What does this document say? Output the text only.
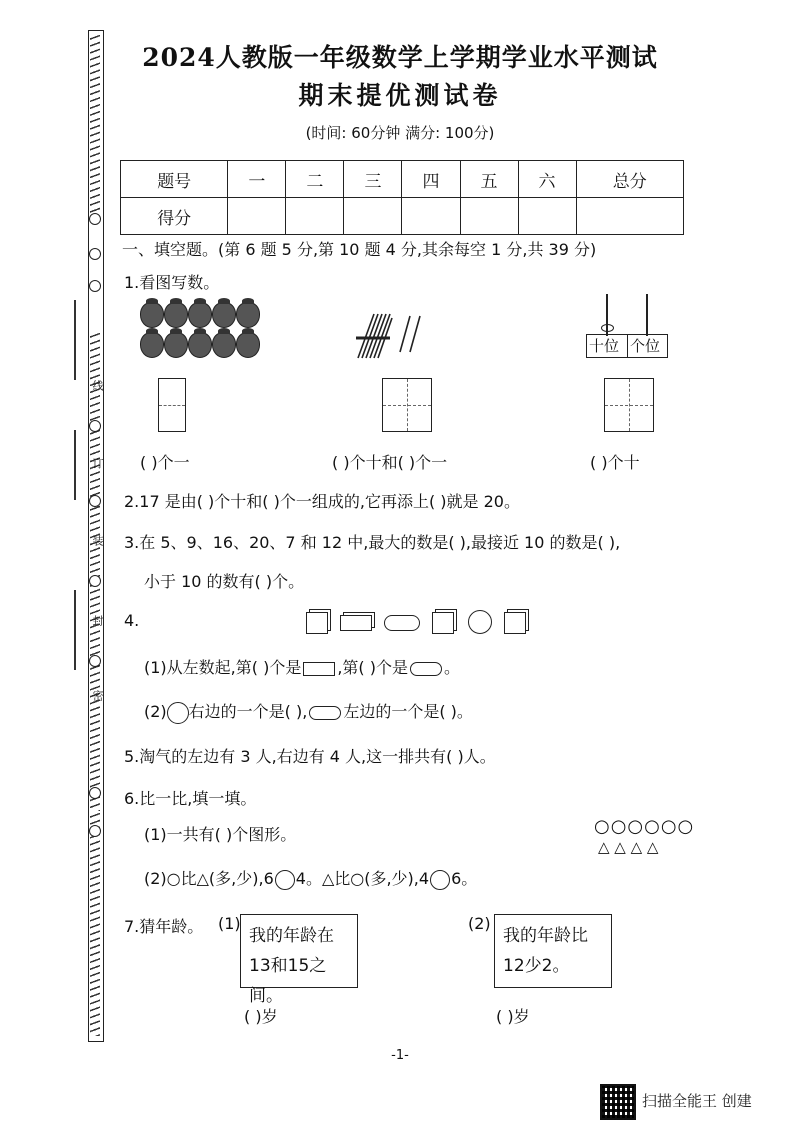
线
订
装
封
密
2024人教版一年级数学上学期学业水平测试
期末提优测试卷
(时间: 60分钟 满分: 100分)
题号	一	二	三	四	五	六	总分
得分							
一、填空题。(第 6 题 5 分,第 10 题 4 分,其余每空 1 分,共 39 分)
1.看图写数。
十位 个位
( )个一	( )个十和( )个一	( )个十
2.17 是由( )个十和( )个一组成的,它再添上( )就是 20。
3.在 5、9、16、20、7 和 12 中,最大的数是( ),最接近 10 的数是( ),
小于 10 的数有( )个。
4.
(1)从左数起,第( )个是 ,第( )个是 。
(2) 右边的一个是( ), 左边的一个是( )。
5.淘气的左边有 3 人,右边有 4 人,这一排共有( )人。
6.比一比,填一填。
(1)一共有( )个图形。	○○○○○○
△ △ △ △
(2)○比△(多,少),6 4。△比○(多,少),4 6。
7.猜年龄。 (1)
我的年龄在
13和15之间。
(2)
我的年龄比
12少2。
( )岁	( )岁
-1-
扫描全能王 创建
